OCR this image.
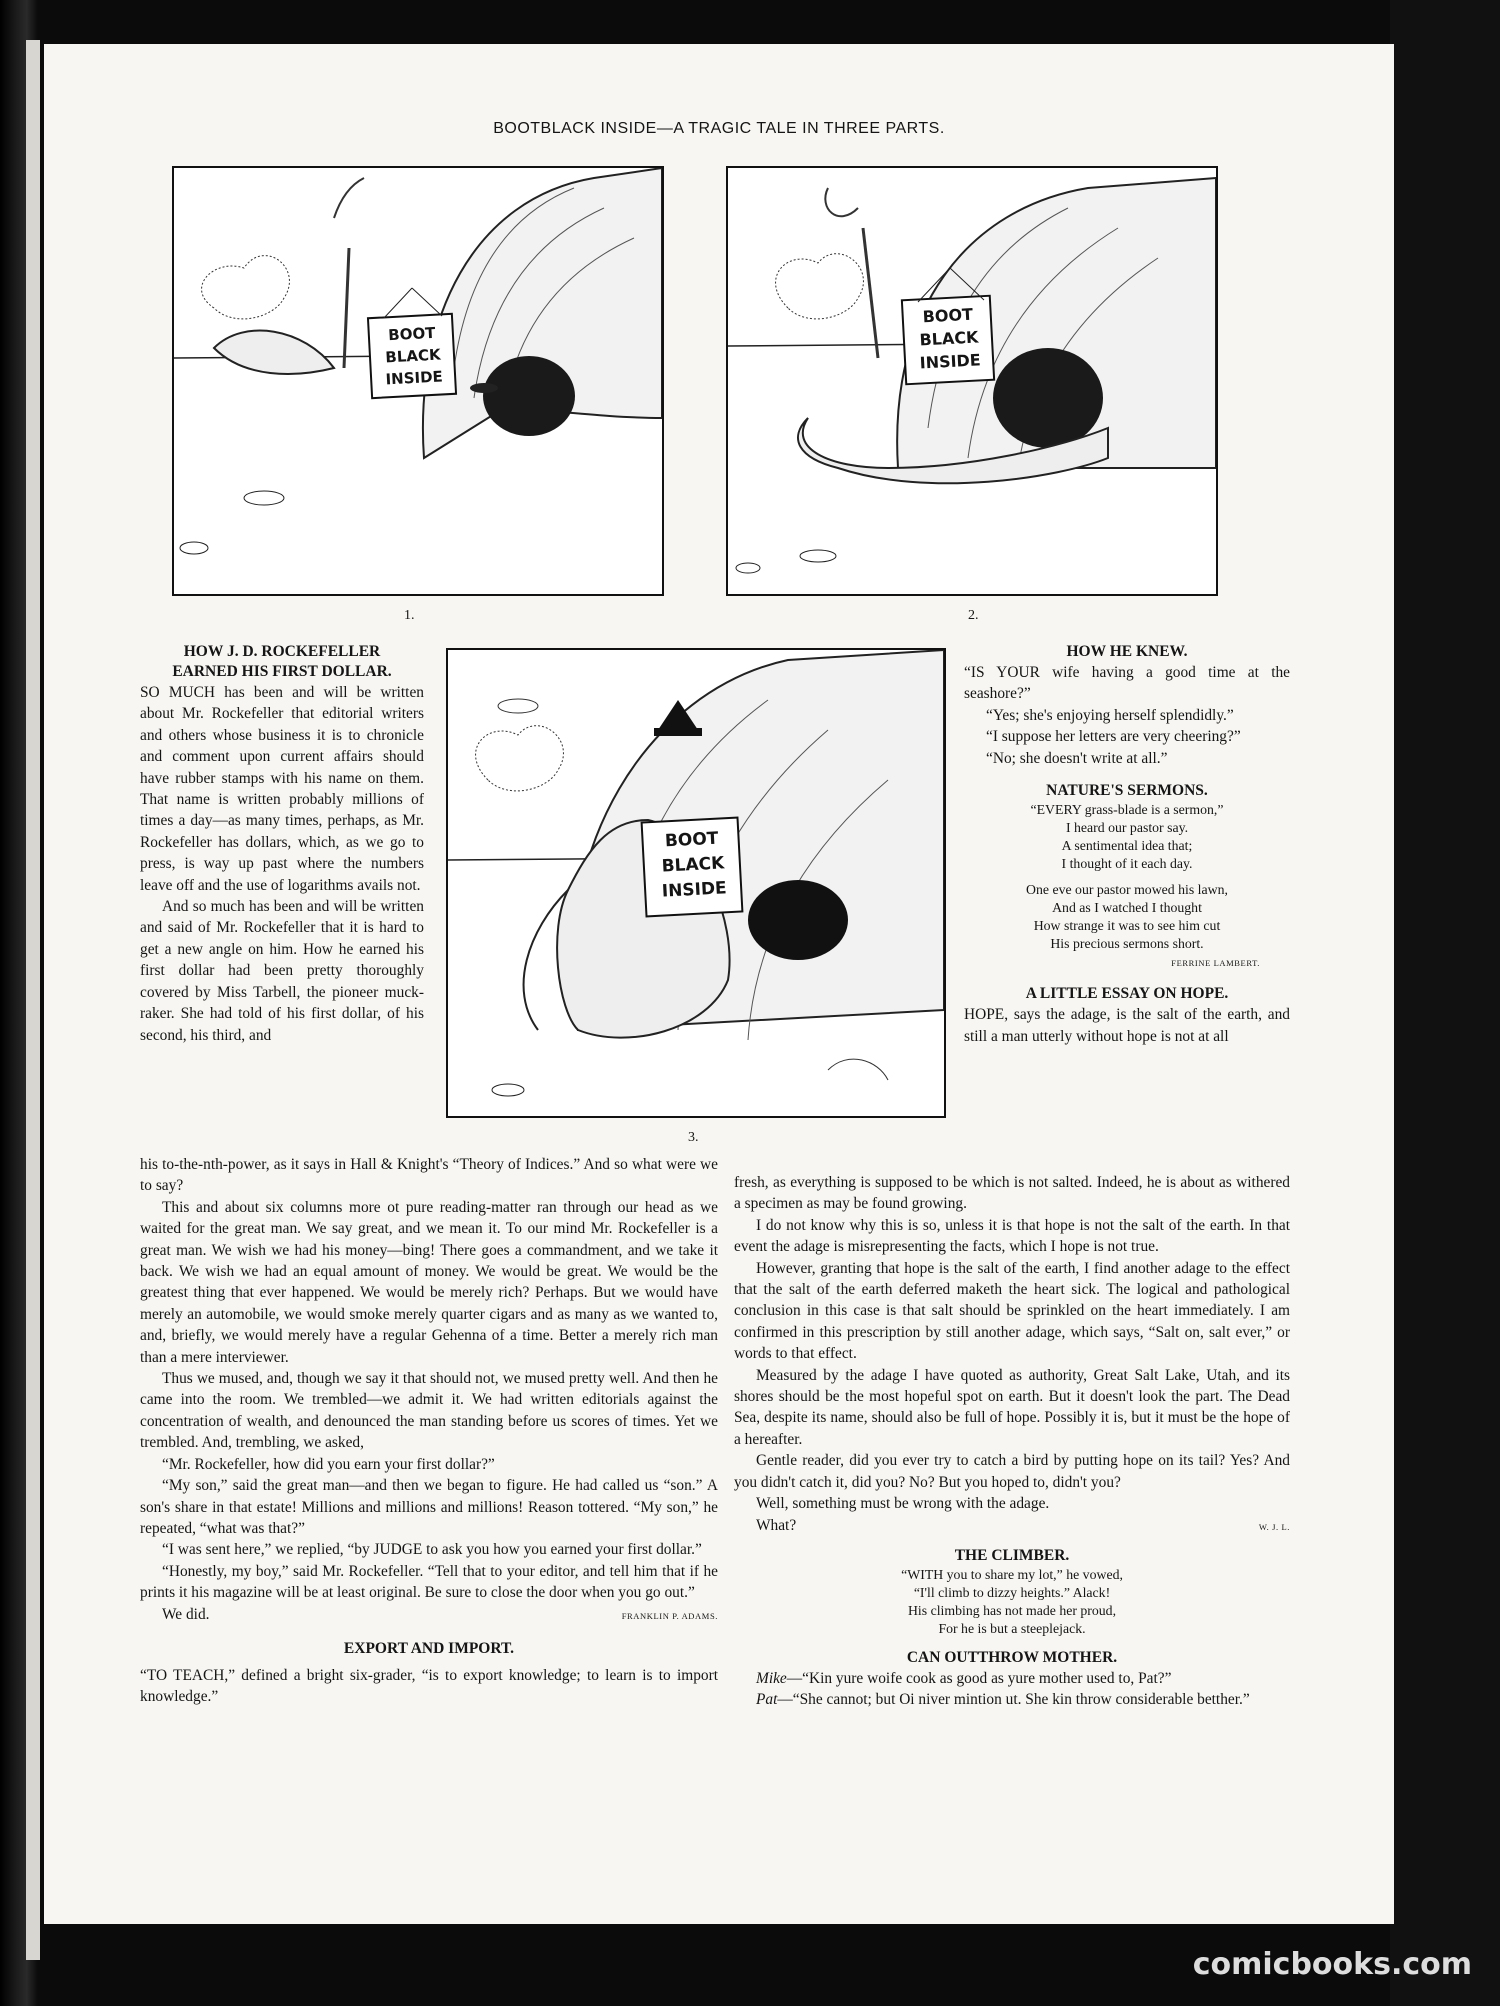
BOOTBLACK INSIDE—A TRAGIC TALE IN THREE PARTS.
BOOT
BLACK
INSIDE
1.
BOOT
BLACK
INSIDE
2.
BOOT
BLACK
INSIDE
3.
HOW J. D. ROCKEFELLER
EARNED HIS FIRST DOLLAR.

SO MUCH has been and will be written about Mr. Rockefeller that editorial writers and others whose business it is to chronicle and comment upon current affairs should have rubber stamps with his name on them. That name is written probably millions of times a day—as many times, perhaps, as Mr. Rockefeller has dollars, which, as we go to press, is way up past where the numbers leave off and the use of logarithms avails not.

And so much has been and will be written and said of Mr. Rockefeller that it is hard to get a new angle on him. How he earned his first dollar had been pretty thoroughly covered by Miss Tarbell, the pioneer muck-raker. She had told of his first dollar, of his second, his third, and

his to-the-nth-power, as it says in Hall & Knight's “Theory of Indices.” And so what were we to say?

This and about six columns more ot pure reading-matter ran through our head as we waited for the great man. We say great, and we mean it. To our mind Mr. Rockefeller is a great man. We wish we had his money—bing! There goes a commandment, and we take it back. We wish we had an equal amount of money. We would be great. We would be the greatest thing that ever happened. We would be merely rich? Perhaps. But we would have merely an automobile, we would smoke merely quarter cigars and as many as we wanted to, and, briefly, we would merely have a regular Gehenna of a time. Better a merely rich man than a mere interviewer.

Thus we mused, and, though we say it that should not, we mused pretty well. And then he came into the room. We trembled—we admit it. We had written editorials against the concentration of wealth, and denounced the man standing before us scores of times. Yet we trembled. And, trembling, we asked,

“Mr. Rockefeller, how did you earn your first dollar?”

“My son,” said the great man—and then we began to figure. He had called us “son.” A son's share in that estate! Millions and millions and millions! Reason tottered. “My son,” he repeated, “what was that?”

“I was sent here,” we replied, “by JUDGE to ask you how you earned your first dollar.”

“Honestly, my boy,” said Mr. Rockefeller. “Tell that to your editor, and tell him that if he prints it his magazine will be at least original. Be sure to close the door when you go out.”

We did.	FRANKLIN P. ADAMS.
EXPORT AND IMPORT.

“TO TEACH,” defined a bright six-grader, “is to export knowledge; to learn is to import knowledge.”

HOW HE KNEW.

“IS YOUR wife having a good time at the seashore?”

“Yes; she's enjoying herself splendidly.”

“I suppose her letters are very cheering?”

“No; she doesn't write at all.”

NATURE'S SERMONS.
“EVERY grass-blade is a sermon,”
I heard our pastor say.
A sentimental idea that;
I thought of it each day.
One eve our pastor mowed his lawn,
And as I watched I thought
How strange it was to see him cut
His precious sermons short.
FERRINE LAMBERT.
A LITTLE ESSAY ON HOPE.

HOPE, says the adage, is the salt of the earth, and still a man utterly without hope is not at all

fresh, as everything is supposed to be which is not salted. Indeed, he is about as withered a specimen as may be found growing.

I do not know why this is so, unless it is that hope is not the salt of the earth. In that event the adage is misrepresenting the facts, which I hope is not true.

However, granting that hope is the salt of the earth, I find another adage to the effect that the salt of the earth deferred maketh the heart sick. The logical and pathological conclusion in this case is that salt should be sprinkled on the heart immediately. I am confirmed in this prescription by still another adage, which says, “Salt on, salt ever,” or words to that effect.

Measured by the adage I have quoted as authority, Great Salt Lake, Utah, and its shores should be the most hopeful spot on earth. But it doesn't look the part. The Dead Sea, despite its name, should also be full of hope. Possibly it is, but it must be the hope of a hereafter.

Gentle reader, did you ever try to catch a bird by putting hope on its tail? Yes? And you didn't catch it, did you? No? But you hoped to, didn't you?

Well, something must be wrong with the adage.

What?	W. J. L.
THE CLIMBER.
“WITH you to share my lot,” he vowed,
“I'll climb to dizzy heights.” Alack!
His climbing has not made her proud,
For he is but a steeplejack.
CAN OUTTHROW MOTHER.

Mike—“Kin yure woife cook as good as yure mother used to, Pat?”

Pat—“She cannot; but Oi niver mintion ut. She kin throw considerable betther.”

comicbooks.com
